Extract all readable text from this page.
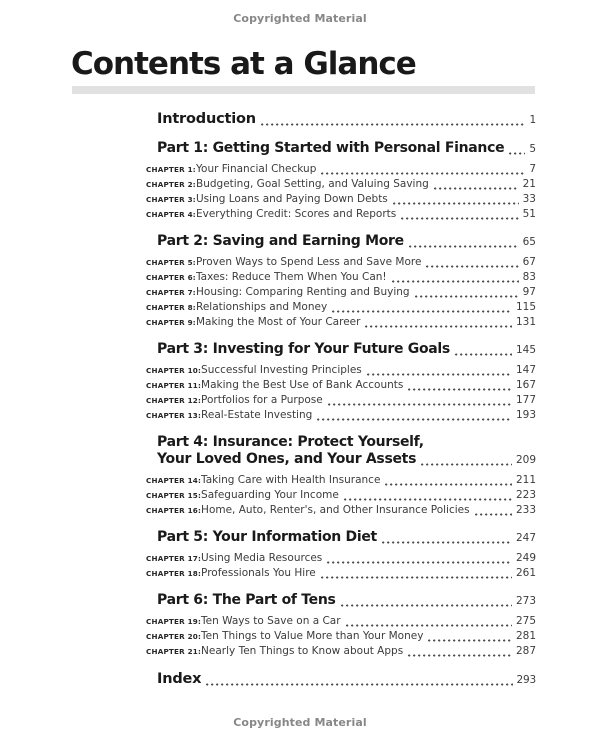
Copyrighted Material
Contents at a Glance
Introduction	1
Part 1: Getting Started with Personal Finance 5
CHAPTER 1: Your Financial Checkup	7
CHAPTER 2: Budgeting, Goal Setting, and Valuing Saving	21
CHAPTER 3: Using Loans and Paying Down Debts	33
CHAPTER 4: Everything Credit: Scores and Reports	51
Part 2: Saving and Earning More	65
CHAPTER 5: Proven Ways to Spend Less and Save More	67
CHAPTER 6: Taxes: Reduce Them When You Can!	83
CHAPTER 7: Housing: Comparing Renting and Buying	97
CHAPTER 8: Relationships and Money	115
CHAPTER 9: Making the Most of Your Career	131
Part 3: Investing for Your Future Goals	145
CHAPTER 10: Successful Investing Principles	147
CHAPTER 11: Making the Best Use of Bank Accounts	167
CHAPTER 12: Portfolios for a Purpose	177
CHAPTER 13: Real-Estate Investing	193
Part 4: Insurance: Protect Yourself,
Your Loved Ones, and Your Assets	209
CHAPTER 14: Taking Care with Health Insurance	211
CHAPTER 15: Safeguarding Your Income	223
CHAPTER 16: Home, Auto, Renter's, and Other Insurance Policies	233
Part 5: Your Information Diet	247
CHAPTER 17: Using Media Resources	249
CHAPTER 18: Professionals You Hire	261
Part 6: The Part of Tens	273
CHAPTER 19: Ten Ways to Save on a Car	275
CHAPTER 20: Ten Things to Value More than Your Money	281
CHAPTER 21: Nearly Ten Things to Know about Apps	287
Index	293
Copyrighted Material
